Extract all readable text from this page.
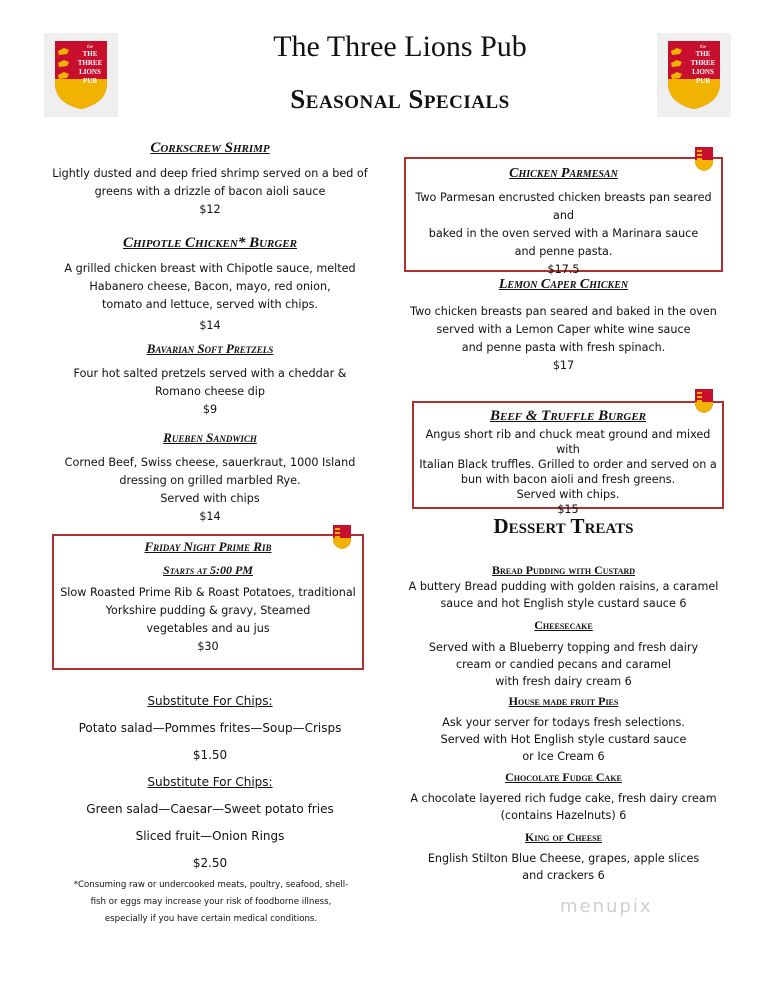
the
THE
THREE
LIONS
PUB
the
THE
THREE
LIONS
PUB
The Three Lions Pub
Seasonal Specials
Corkscrew Shrimp
Lightly dusted and deep fried shrimp served on a bed of
greens with a drizzle of bacon aioli sauce
$12
Chipotle Chicken* Burger
A grilled chicken breast with Chipotle sauce, melted
Habanero cheese, Bacon, mayo, red onion,
tomato and lettuce, served with chips.
$14
Bavarian Soft Pretzels
Four hot salted pretzels served with a cheddar &
Romano cheese dip
$9
Rueben Sandwich
Corned Beef, Swiss cheese, sauerkraut, 1000 Island
dressing on grilled marbled Rye.
Served with chips
$14
Friday Night Prime Rib
Starts at 5:00 PM
Slow Roasted Prime Rib & Roast Potatoes, traditional
Yorkshire pudding & gravy, Steamed
vegetables and au jus
$30
Substitute For Chips:
Potato salad—Pommes frites—Soup—Crisps
$1.50
Substitute For Chips:
Green salad—Caesar—Sweet potato fries
Sliced fruit—Onion Rings
$2.50
*Consuming raw or undercooked meats, poultry, seafood, shell-
fish or eggs may increase your risk of foodborne illness,
especially if you have certain medical conditions.
Chicken Parmesan
Two Parmesan encrusted chicken breasts pan seared and
baked in the oven served with a Marinara sauce
and penne pasta.
$17.5
Lemon Caper Chicken
Two chicken breasts pan seared and baked in the oven
served with a Lemon Caper white wine sauce
and penne pasta with fresh spinach.
$17
Beef & Truffle Burger
Angus short rib and chuck meat ground and mixed with
Italian Black truffles. Grilled to order and served on a
bun with bacon aioli and fresh greens.
Served with chips.
$15
Dessert Treats
Bread Pudding with Custard
A buttery Bread pudding with golden raisins, a caramel
sauce and hot English style custard sauce 6
Cheesecake
Served with a Blueberry topping and fresh dairy
cream or candied pecans and caramel
with fresh dairy cream 6
House made fruit Pies
Ask your server for todays fresh selections.
Served with Hot English style custard sauce
or Ice Cream 6
Chocolate Fudge Cake
A chocolate layered rich fudge cake, fresh dairy cream
(contains Hazelnuts) 6
King of Cheese
English Stilton Blue Cheese, grapes, apple slices
and crackers 6
menupix
